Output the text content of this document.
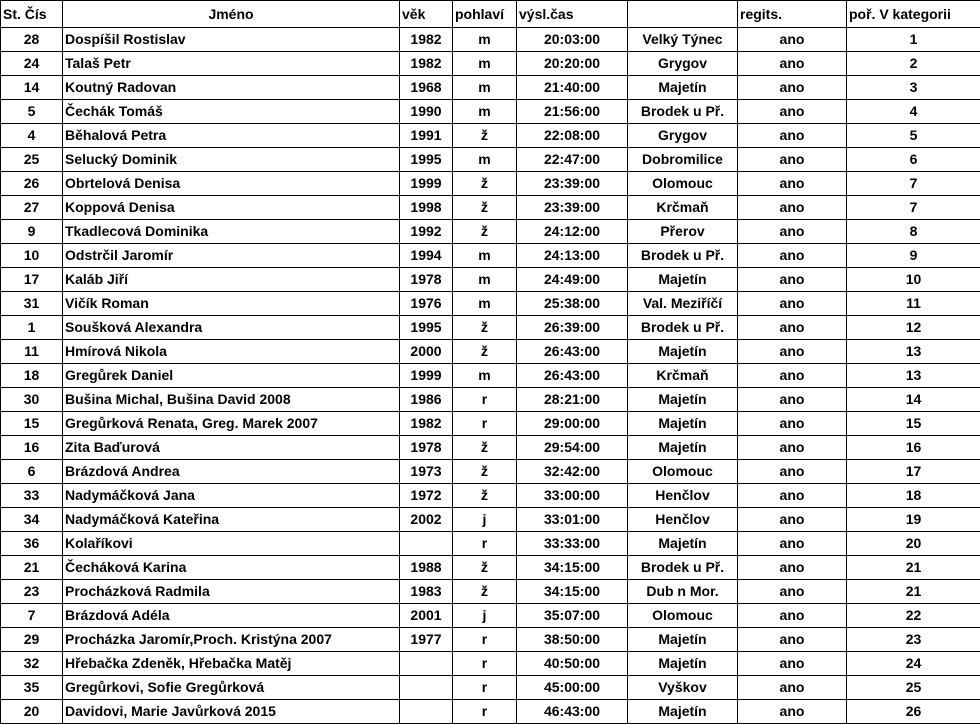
St. Čís	Jméno	věk	pohlaví	výsl.čas		regits.	poř. V kategorii
28	Dospíšil Rostislav	1982	m	20:03:00	Velký Týnec	ano	1
24	Talaš Petr	1982	m	20:20:00	Grygov	ano	2
14	Koutný Radovan	1968	m	21:40:00	Majetín	ano	3
5	Čechák Tomáš	1990	m	21:56:00	Brodek u Př.	ano	4
4	Běhalová Petra	1991	ž	22:08:00	Grygov	ano	5
25	Selucký Dominik	1995	m	22:47:00	Dobromilice	ano	6
26	Obrtelová Denisa	1999	ž	23:39:00	Olomouc	ano	7
27	Koppová Denisa	1998	ž	23:39:00	Krčmaň	ano	7
9	Tkadlecová Dominika	1992	ž	24:12:00	Přerov	ano	8
10	Odstrčil Jaromír	1994	m	24:13:00	Brodek u Př.	ano	9
17	Kaláb Jiří	1978	m	24:49:00	Majetín	ano	10
31	Vičík Roman	1976	m	25:38:00	Val. Meziříčí	ano	11
1	Soušková Alexandra	1995	ž	26:39:00	Brodek u Př.	ano	12
11	Hmírová Nikola	2000	ž	26:43:00	Majetín	ano	13
18	Gregůrek Daniel	1999	m	26:43:00	Krčmaň	ano	13
30	Bušina Michal, Bušina David 2008	1986	r	28:21:00	Majetín	ano	14
15	Gregůrková Renata, Greg. Marek 2007	1982	r	29:00:00	Majetín	ano	15
16	Zita Baďurová	1978	ž	29:54:00	Majetín	ano	16
6	Brázdová Andrea	1973	ž	32:42:00	Olomouc	ano	17
33	Nadymáčková Jana	1972	ž	33:00:00	Henčlov	ano	18
34	Nadymáčková Kateřina	2002	j	33:01:00	Henčlov	ano	19
36	Kolaříkovi		r	33:33:00	Majetín	ano	20
21	Čecháková Karina	1988	ž	34:15:00	Brodek u Př.	ano	21
23	Procházková Radmila	1983	ž	34:15:00	Dub n Mor.	ano	21
7	Brázdová Adéla	2001	j	35:07:00	Olomouc	ano	22
29	Procházka Jaromír,Proch. Kristýna 2007	1977	r	38:50:00	Majetín	ano	23
32	Hřebačka Zdeněk, Hřebačka Matěj		r	40:50:00	Majetín	ano	24
35	Gregůrkovi, Sofie Gregůrková		r	45:00:00	Vyškov	ano	25
20	Davidovi, Marie Javůrková 2015		r	46:43:00	Majetín	ano	26
